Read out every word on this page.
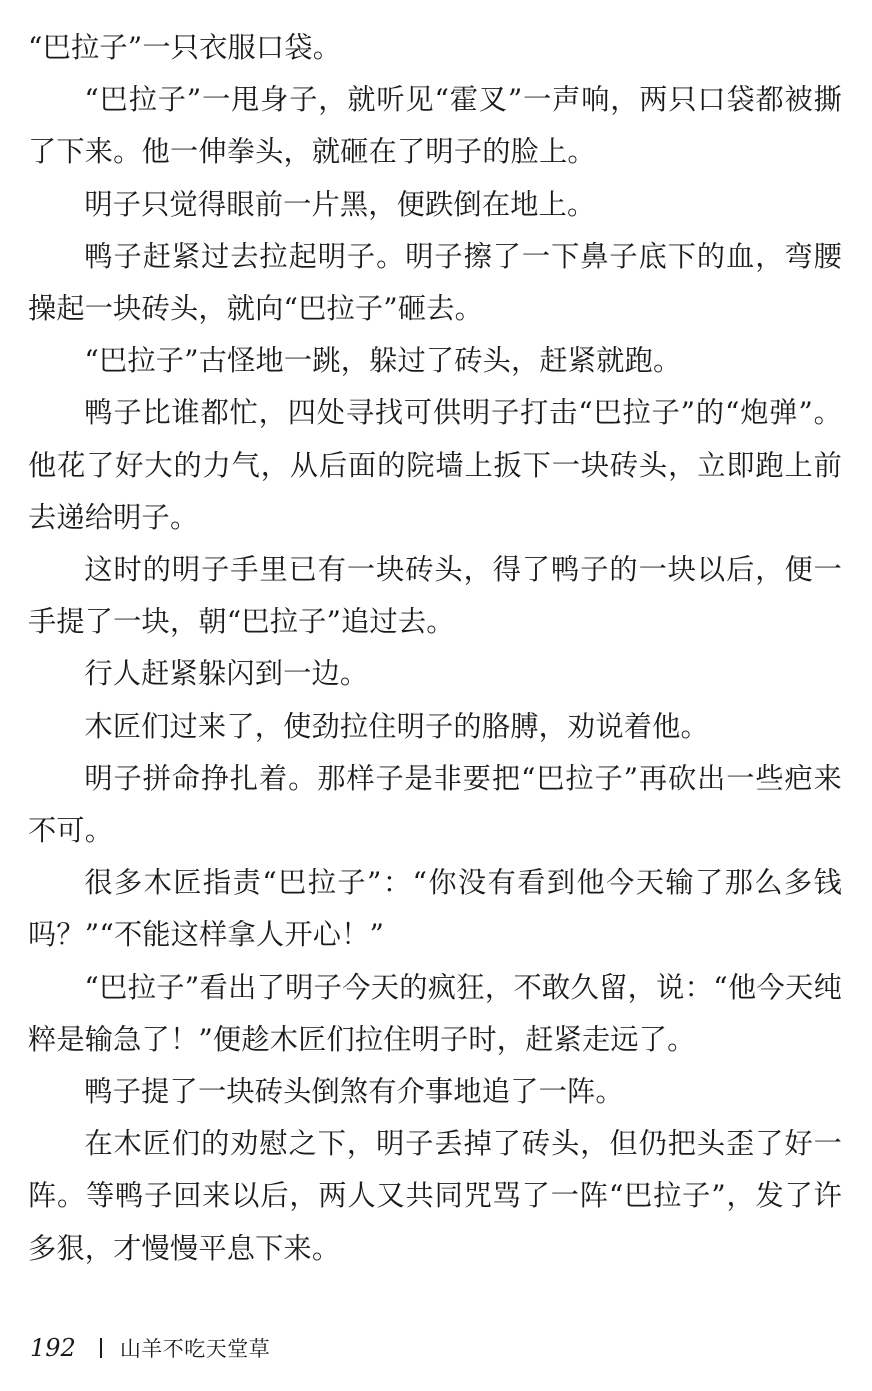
“巴拉子”一只衣服口袋。

“巴拉子”一甩身子，就听见“霍叉”一声响，两只口袋都被撕了下来。他一伸拳头，就砸在了明子的脸上。

明子只觉得眼前一片黑，便跌倒在地上。

鸭子赶紧过去拉起明子。明子擦了一下鼻子底下的血，弯腰操起一块砖头，就向“巴拉子”砸去。

“巴拉子”古怪地一跳，躲过了砖头，赶紧就跑。

鸭子比谁都忙，四处寻找可供明子打击“巴拉子”的“炮弹”。他花了好大的力气，从后面的院墙上扳下一块砖头，立即跑上前去递给明子。

这时的明子手里已有一块砖头，得了鸭子的一块以后，便一手提了一块，朝“巴拉子”追过去。

行人赶紧躲闪到一边。

木匠们过来了，使劲拉住明子的胳膊，劝说着他。

明子拼命挣扎着。那样子是非要把“巴拉子”再砍出一些疤来不可。

很多木匠指责“巴拉子”：“你没有看到他今天输了那么多钱吗？”“不能这样拿人开心！”

“巴拉子”看出了明子今天的疯狂，不敢久留，说：“他今天纯粹是输急了！”便趁木匠们拉住明子时，赶紧走远了。

鸭子提了一块砖头倒煞有介事地追了一阵。

在木匠们的劝慰之下，明子丢掉了砖头，但仍把头歪了好一阵。等鸭子回来以后，两人又共同咒骂了一阵“巴拉子”，发了许多狠，才慢慢平息下来。

192 山羊不吃天堂草
